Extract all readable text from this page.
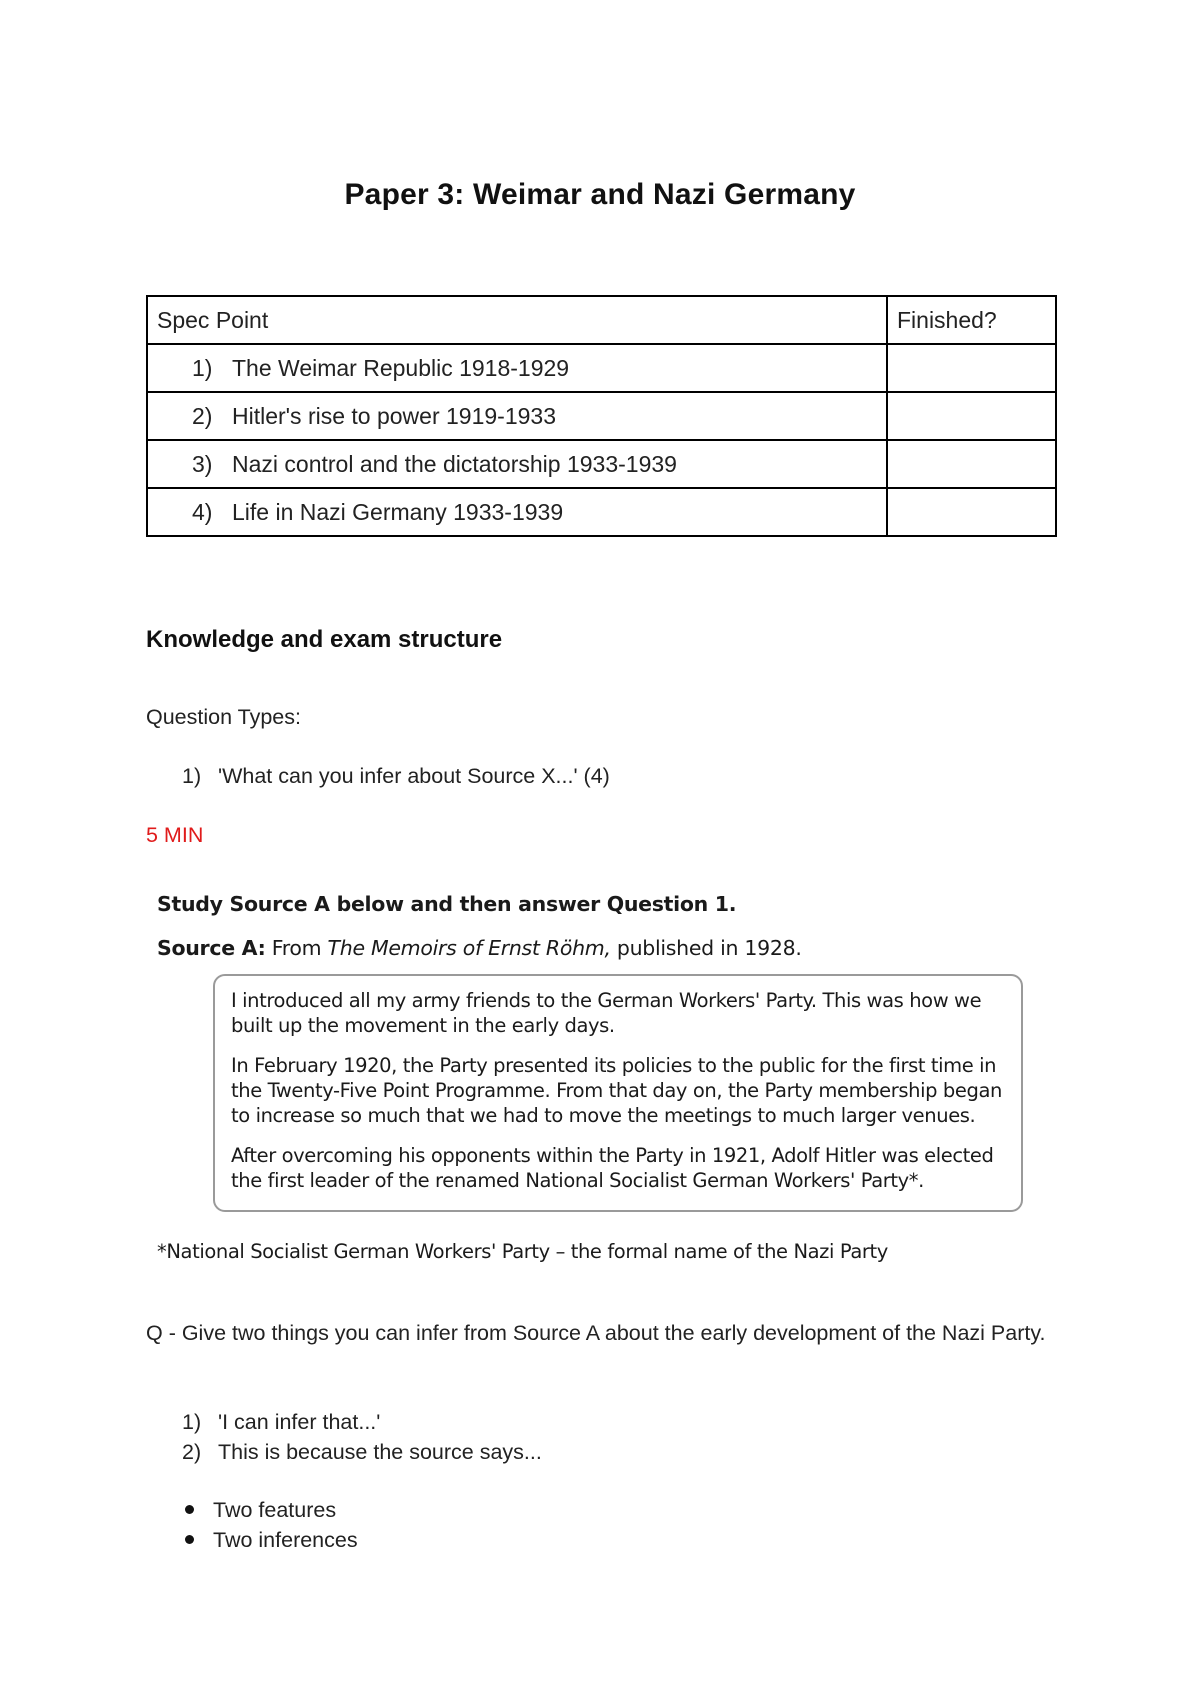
Paper 3: Weimar and Nazi Germany
Spec Point	Finished?
1) The Weimar Republic 1918-1929	
2) Hitler's rise to power 1919-1933	
3) Nazi control and the dictatorship 1933-1939	
4) Life in Nazi Germany 1933-1939	
Knowledge and exam structure
Question Types:
1) 'What can you infer about Source X...' (4)
5 MIN
Study Source A below and then answer Question 1.
Source A: From The Memoirs of Ernst Röhm, published in 1928.

I introduced all my army friends to the German Workers' Party. This was how we built up the movement in the early days.

In February 1920, the Party presented its policies to the public for the first time in the Twenty-Five Point Programme. From that day on, the Party membership began to increase so much that we had to move the meetings to much larger venues.

After overcoming his opponents within the Party in 1921, Adolf Hitler was elected the first leader of the renamed National Socialist German Workers' Party*.

*National Socialist German Workers' Party – the formal name of the Nazi Party
Q - Give two things you can infer from Source A about the early development of the Nazi Party.
1) 'I can infer that...'
2) This is because the source says...
Two features
Two inferences
